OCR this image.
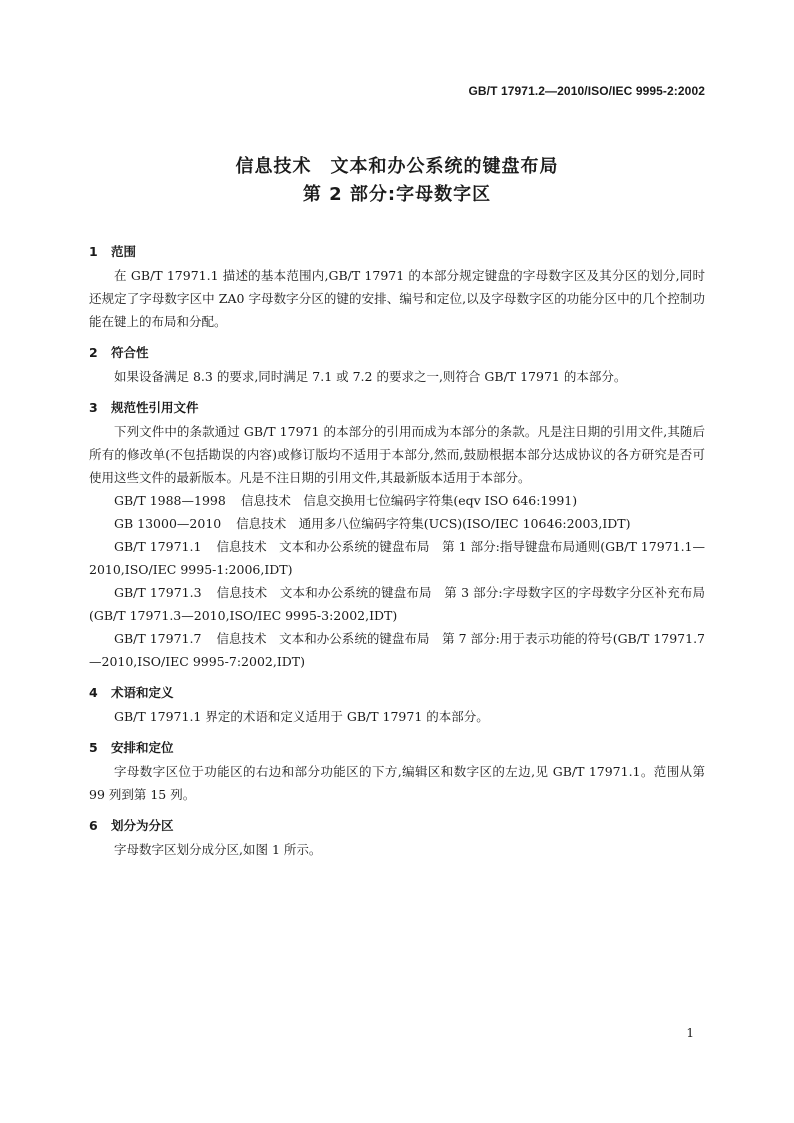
GB/T 17971.2—2010/ISO/IEC 9995-2:2002
信息技术　文本和办公系统的键盘布局
第 2 部分:字母数字区
1 范围

在 GB/T 17971.1 描述的基本范围内,GB/T 17971 的本部分规定键盘的字母数字区及其分区的划分,同时还规定了字母数字区中 ZA0 字母数字分区的键的安排、编号和定位,以及字母数字区的功能分区中的几个控制功能在键上的布局和分配。

2 符合性

如果设备满足 8.3 的要求,同时满足 7.1 或 7.2 的要求之一,则符合 GB/T 17971 的本部分。

3 规范性引用文件

下列文件中的条款通过 GB/T 17971 的本部分的引用而成为本部分的条款。凡是注日期的引用文件,其随后所有的修改单(不包括勘误的内容)或修订版均不适用于本部分,然而,鼓励根据本部分达成协议的各方研究是否可使用这些文件的最新版本。凡是不注日期的引用文件,其最新版本适用于本部分。

GB/T 1988—1998 信息技术　信息交换用七位编码字符集(eqv ISO 646:1991)

GB 13000—2010 信息技术　通用多八位编码字符集(UCS)(ISO/IEC 10646:2003,IDT)

GB/T 17971.1 信息技术　文本和办公系统的键盘布局　第 1 部分:指导键盘布局通则(GB/T 17971.1—2010,ISO/IEC 9995-1:2006,IDT)

GB/T 17971.3 信息技术　文本和办公系统的键盘布局　第 3 部分:字母数字区的字母数字分区补充布局(GB/T 17971.3—2010,ISO/IEC 9995-3:2002,IDT)

GB/T 17971.7 信息技术　文本和办公系统的键盘布局　第 7 部分:用于表示功能的符号(GB/T 17971.7—2010,ISO/IEC 9995-7:2002,IDT)

4 术语和定义

GB/T 17971.1 界定的术语和定义适用于 GB/T 17971 的本部分。

5 安排和定位

字母数字区位于功能区的右边和部分功能区的下方,编辑区和数字区的左边,见 GB/T 17971.1。范围从第 99 列到第 15 列。

6 划分为分区

字母数字区划分成分区,如图 1 所示。

1
